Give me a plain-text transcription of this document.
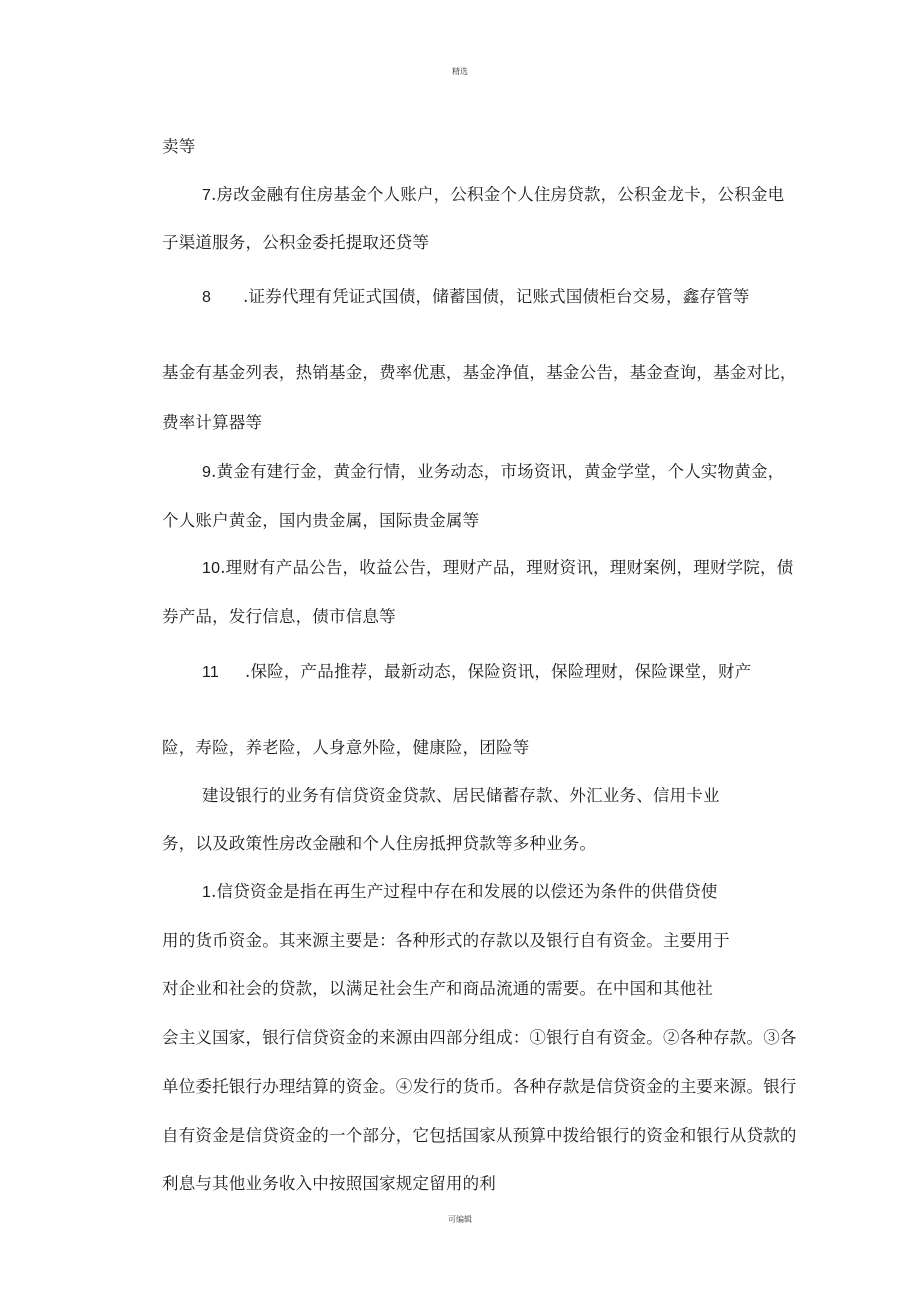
精选
卖等
7.房改金融有住房基金个人账户，公积金个人住房贷款，公积金龙卡，公积金电
子渠道服务，公积金委托提取还贷等
8 .证券代理有凭证式国债，储蓄国债，记账式国债柜台交易，鑫存管等
基金有基金列表，热销基金，费率优惠，基金净值，基金公告，基金查询，基金对比，
费率计算器等
9.黄金有建行金，黄金行情，业务动态，市场资讯，黄金学堂，个人实物黄金，
个人账户黄金，国内贵金属，国际贵金属等
10.理财有产品公告，收益公告，理财产品，理财资讯，理财案例，理财学院，债
券产品，发行信息，债市信息等
11 .保险，产品推荐，最新动态，保险资讯，保险理财，保险课堂，财产
险，寿险，养老险，人身意外险，健康险，团险等
建设银行的业务有信贷资金贷款、居民储蓄存款、外汇业务、信用卡业
务，以及政策性房改金融和个人住房抵押贷款等多种业务。
1.信贷资金是指在再生产过程中存在和发展的以偿还为条件的供借贷使
用的货币资金。其来源主要是：各种形式的存款以及银行自有资金。主要用于
对企业和社会的贷款，以满足社会生产和商品流通的需要。在中国和其他社
会主义国家，银行信贷资金的来源由四部分组成：①银行自有资金。②各种存款。③各
单位委托银行办理结算的资金。④发行的货币。各种存款是信贷资金的主要来源。银行
自有资金是信贷资金的一个部分，它包括国家从预算中拨给银行的资金和银行从贷款的
利息与其他业务收入中按照国家规定留用的利
可编辑
